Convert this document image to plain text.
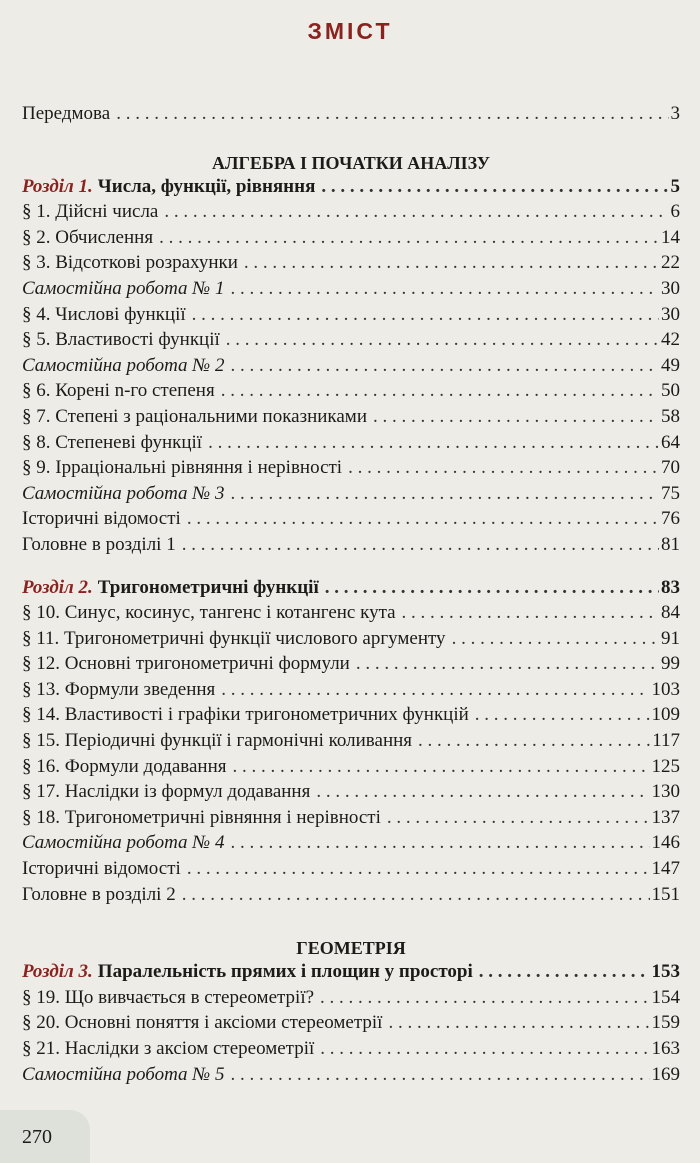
ЗМІСТ
Передмова . . .	3
АЛГЕБРА І ПОЧАТКИ АНАЛІЗУ
Розділ 1. Числа, функції, рівняння . . .	5
§ 1. Дійсні числа . . .	6
§ 2. Обчислення . . .	14
§ 3. Відсоткові розрахунки . . .	22
Самостійна робота № 1 . . .	30
§ 4. Числові функції . . .	30
§ 5. Властивості функції . . .	42
Самостійна робота № 2 . . .	49
§ 6. Корені n-го степеня . . .	50
§ 7. Степені з раціональними показниками . . .	58
§ 8. Степеневі функції . . .	64
§ 9. Ірраціональні рівняння і нерівності . . .	70
Самостійна робота № 3 . . .	75
Історичні відомості . . .	76
Головне в розділі 1 . . .	81
Розділ 2. Тригонометричні функції . . .	83
§ 10. Синус, косинус, тангенс і котангенс кута . . .	84
§ 11. Тригонометричні функції числового аргументу . . .	91
§ 12. Основні тригонометричні формули . . .	99
§ 13. Формули зведення . . .	103
§ 14. Властивості і графіки тригонометричних функцій . . .	109
§ 15. Періодичні функції і гармонічні коливання . . .	117
§ 16. Формули додавання . . .	125
§ 17. Наслідки із формул додавання . . .	130
§ 18. Тригонометричні рівняння і нерівності . . .	137
Самостійна робота № 4 . . .	146
Історичні відомості . . .	147
Головне в розділі 2 . . .	151
ГЕОМЕТРІЯ
Розділ 3. Паралельність прямих і площин у просторі . . .	153
§ 19. Що вивчається в стереометрії? . . .	154
§ 20. Основні поняття і аксіоми стереометрії . . .	159
§ 21. Наслідки з аксіом стереометрії . . .	163
Самостійна робота № 5 . . .	169
270
